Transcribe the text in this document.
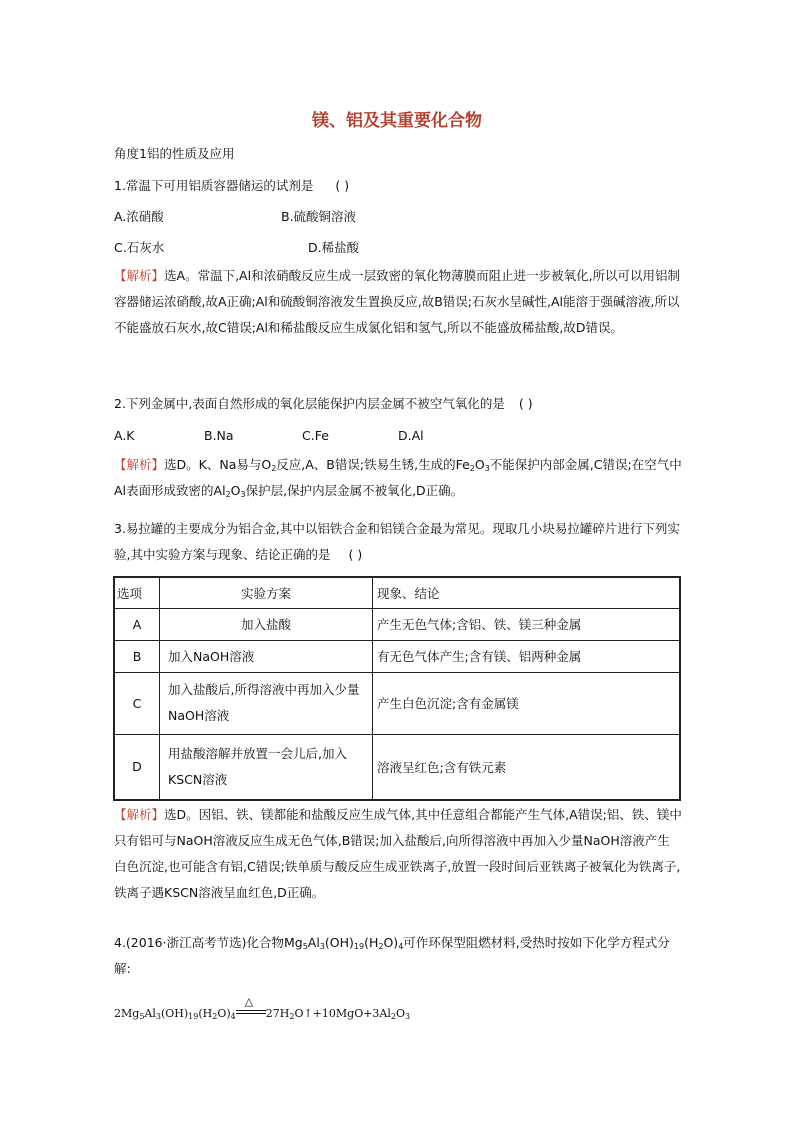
镁、铝及其重要化合物
角度1铝的性质及应用
1.常温下可用铝质容器储运的试剂是 ( )
A.浓硝酸	B.硫酸铜溶液
C.石灰水	D.稀盐酸
【解析】选A。常温下,Al和浓硝酸反应生成一层致密的氧化物薄膜而阻止进一步被氧化,所以可以用铝制容器储运浓硝酸,故A正确;Al和硫酸铜溶液发生置换反应,故B错误;石灰水呈碱性,Al能溶于强碱溶液,所以不能盛放石灰水,故C错误;Al和稀盐酸反应生成氯化铝和氢气,所以不能盛放稀盐酸,故D错误。
2.下列金属中,表面自然形成的氧化层能保护内层金属不被空气氧化的是 ( )
A.K	B.Na	C.Fe	D.Al
【解析】选D。K、Na易与$O_2$反应,A、B错误;铁易生锈,生成的$Fe_2O_3$不能保护内部金属,C错误;在空气中Al表面形成致密的$Al_2O_3$保护层,保护内层金属不被氧化,D正确。
3.易拉罐的主要成分为铝合金,其中以铝铁合金和铝镁合金最为常见。现取几小块易拉罐碎片进行下列实验,其中实验方案与现象、结论正确的是 ( )
选项	实验方案	现象、结论
A	加入盐酸	产生无色气体;含铝、铁、镁三种金属
B	加入NaOH溶液	有无色气体产生;含有镁、铝两种金属
C	加入盐酸后,所得溶液中再加入少量NaOH溶液	产生白色沉淀;含有金属镁
D	用盐酸溶解并放置一会儿后,加入KSCN溶液	溶液呈红色;含有铁元素
【解析】选D。因铝、铁、镁都能和盐酸反应生成气体,其中任意组合都能产生气体,A错误;铝、铁、镁中只有铝可与NaOH溶液反应生成无色气体,B错误;加入盐酸后,向所得溶液中再加入少量NaOH溶液产生白色沉淀,也可能含有铝,C错误;铁单质与酸反应生成亚铁离子,放置一段时间后亚铁离子被氧化为铁离子,铁离子遇KSCN溶液呈血红色,D正确。
4.(2016·浙江高考节选)化合物$Mg_5Al_3(OH)_{19}(H_2O)_4$可作环保型阻燃材料,受热时按如下化学方程式分解:
$2Mg_5Al_3(OH)_{19}(H_2O)_4$
△
$27H_2O↑+10MgO+3Al_2O_3$
